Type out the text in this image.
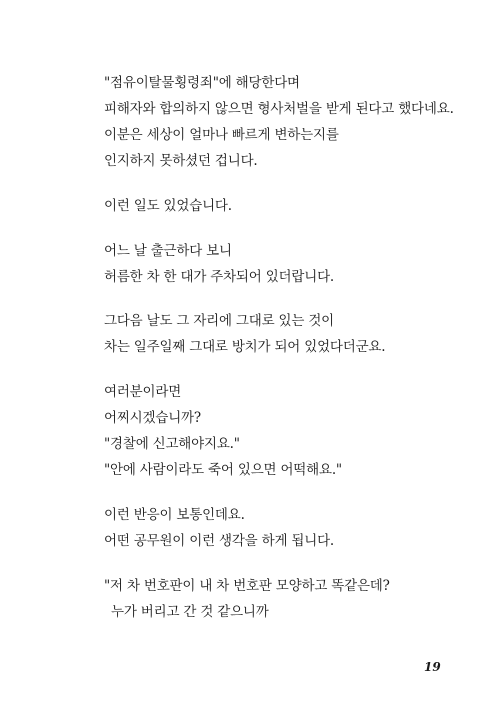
"점유이탈물횡령죄"에 해당한다며
피해자와 합의하지 않으면 형사처벌을 받게 된다고 했다네요.
이분은 세상이 얼마나 빠르게 변하는지를
인지하지 못하셨던 겁니다.
이런 일도 있었습니다.
어느 날 출근하다 보니
허름한 차 한 대가 주차되어 있더랍니다.
그다음 날도 그 자리에 그대로 있는 것이
차는 일주일째 그대로 방치가 되어 있었다더군요.
여러분이라면
어찌시겠습니까?
"경찰에 신고해야지요."
"안에 사람이라도 죽어 있으면 어떡해요."
이런 반응이 보통인데요.
어떤 공무원이 이런 생각을 하게 됩니다.
"저 차 번호판이 내 차 번호판 모양하고 똑같은데?
누가 버리고 간 것 같으니까
19
